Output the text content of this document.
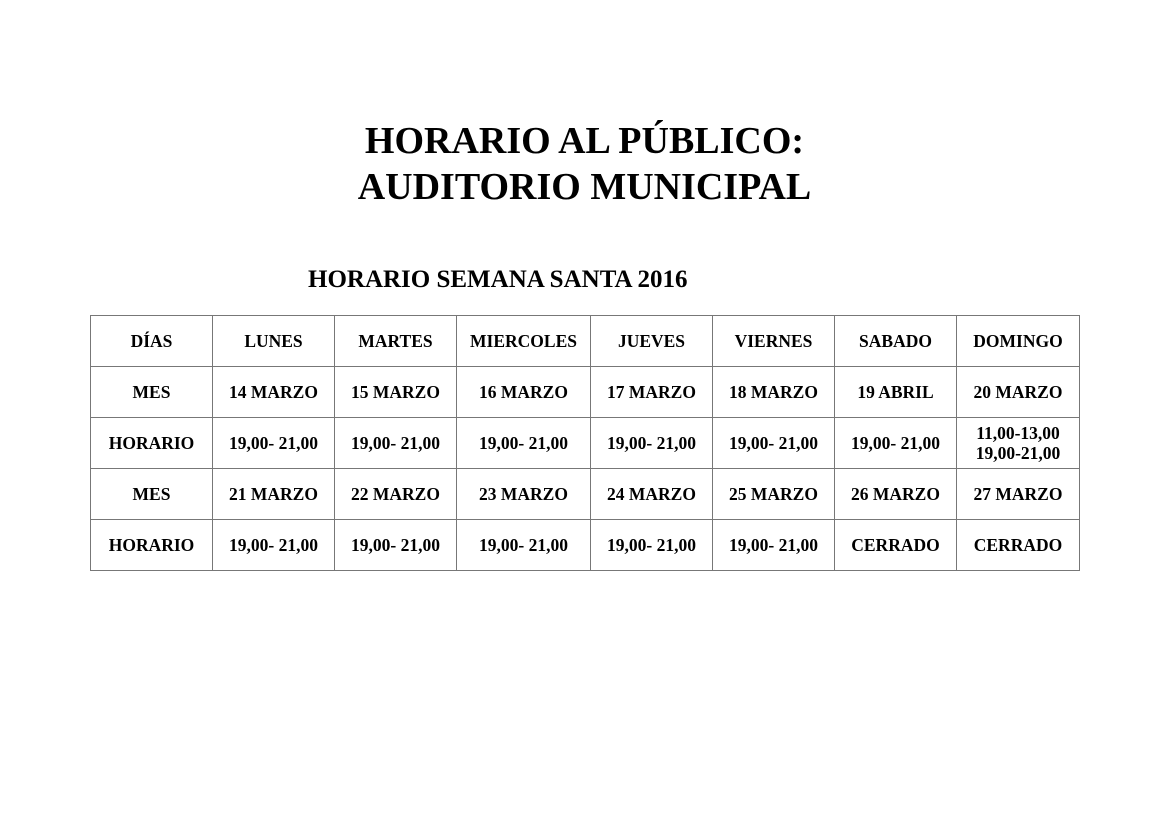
HORARIO AL PÚBLICO:
AUDITORIO MUNICIPAL
HORARIO SEMANA SANTA 2016
DÍAS	LUNES	MARTES	MIERCOLES	JUEVES	VIERNES	SABADO	DOMINGO
MES	14 MARZO	15 MARZO	16 MARZO	17 MARZO	18 MARZO	19 ABRIL	20 MARZO
HORARIO	19,00- 21,00	19,00- 21,00	19,00- 21,00	19,00- 21,00	19,00- 21,00	19,00- 21,00	11,00-13,00
19,00-21,00

MES	21 MARZO	22 MARZO	23 MARZO	24 MARZO	25 MARZO	26 MARZO	27 MARZO
HORARIO	19,00- 21,00	19,00- 21,00	19,00- 21,00	19,00- 21,00	19,00- 21,00	CERRADO	CERRADO
